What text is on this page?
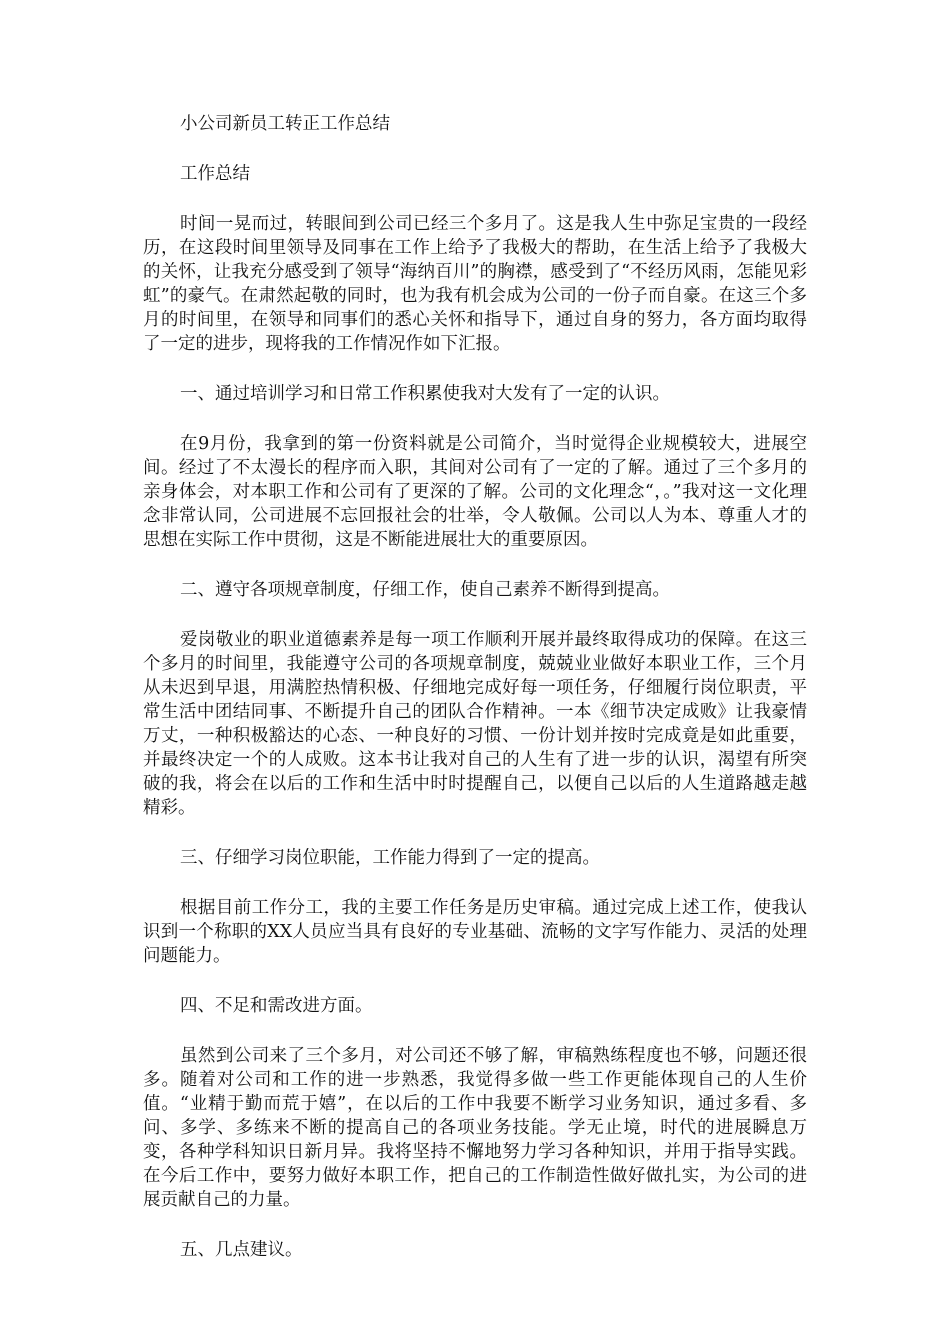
小公司新员工转正工作总结

工作总结

时间一晃而过，转眼间到公司已经三个多月了。这是我人生中弥足宝贵的一段经历，在这段时间里领导及同事在工作上给予了我极大的帮助，在生活上给予了我极大的关怀，让我充分感受到了领导“海纳百川”的胸襟，感受到了“不经历风雨，怎能见彩虹”的豪气。在肃然起敬的同时，也为我有机会成为公司的一份子而自豪。在这三个多月的时间里，在领导和同事们的悉心关怀和指导下，通过自身的努力，各方面均取得了一定的进步，现将我的工作情况作如下汇报。

一、通过培训学习和日常工作积累使我对大发有了一定的认识。

在9月份，我拿到的第一份资料就是公司简介，当时觉得企业规模较大，进展空间。经过了不太漫长的程序而入职，其间对公司有了一定的了解。通过了三个多月的亲身体会，对本职工作和公司有了更深的了解。公司的文化理念“，。”我对这一文化理念非常认同，公司进展不忘回报社会的壮举，令人敬佩。公司以人为本、尊重人才的思想在实际工作中贯彻，这是不断能进展壮大的重要原因。

二、遵守各项规章制度，仔细工作，使自己素养不断得到提高。

爱岗敬业的职业道德素养是每一项工作顺利开展并最终取得成功的保障。在这三个多月的时间里，我能遵守公司的各项规章制度，兢兢业业做好本职业工作，三个月从未迟到早退，用满腔热情积极、仔细地完成好每一项任务，仔细履行岗位职责，平常生活中团结同事、不断提升自己的团队合作精神。一本《细节决定成败》让我豪情万丈，一种积极豁达的心态、一种良好的习惯、一份计划并按时完成竟是如此重要，并最终决定一个的人成败。这本书让我对自己的人生有了进一步的认识，渴望有所突破的我，将会在以后的工作和生活中时时提醒自己，以便自己以后的人生道路越走越精彩。

三、仔细学习岗位职能，工作能力得到了一定的提高。

根据目前工作分工，我的主要工作任务是历史审稿。通过完成上述工作，使我认识到一个称职的XX人员应当具有良好的专业基础、流畅的文字写作能力、灵活的处理问题能力。

四、不足和需改进方面。

虽然到公司来了三个多月，对公司还不够了解，审稿熟练程度也不够，问题还很多。随着对公司和工作的进一步熟悉，我觉得多做一些工作更能体现自己的人生价值。“业精于勤而荒于嬉”，在以后的工作中我要不断学习业务知识，通过多看、多问、多学、多练来不断的提高自己的各项业务技能。学无止境，时代的进展瞬息万变，各种学科知识日新月异。我将坚持不懈地努力学习各种知识，并用于指导实践。在今后工作中，要努力做好本职工作，把自己的工作制造性做好做扎实，为公司的进展贡献自己的力量。

五、几点建议。
